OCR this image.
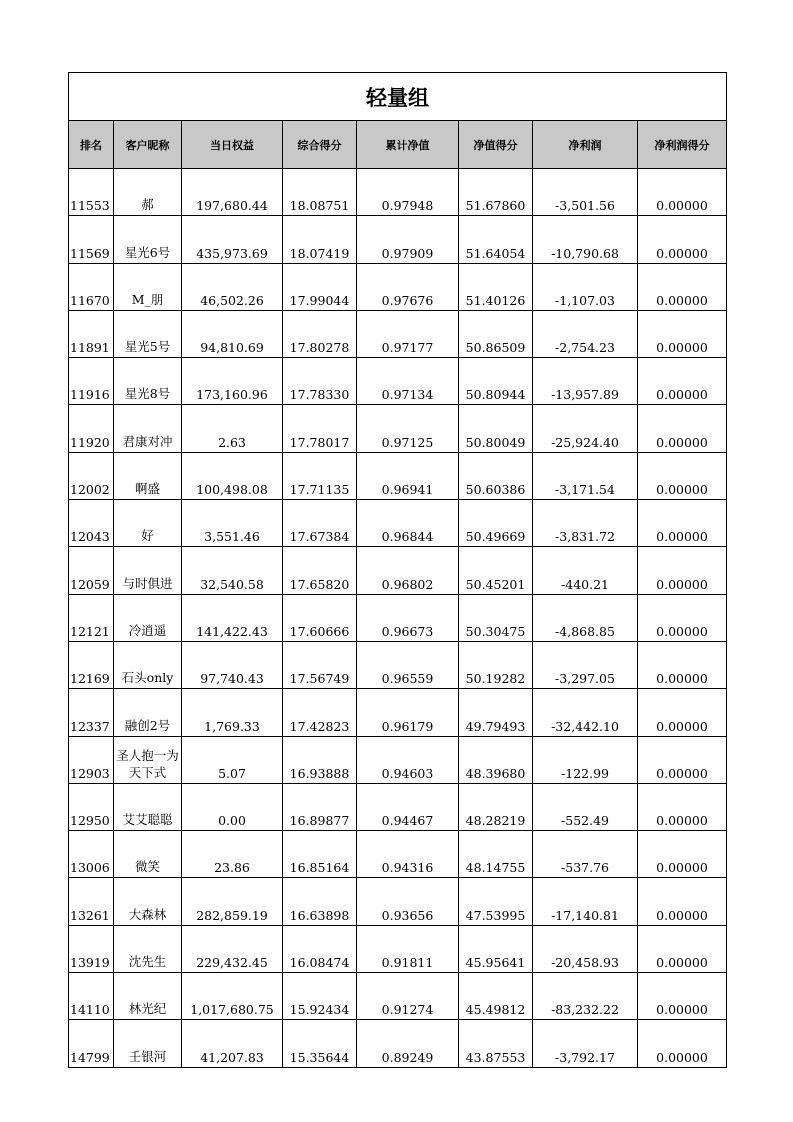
轻量组							
排名	客户昵称	当日权益	综合得分	累计净值	净值得分	净利润	净利润得分
11553	郝	197,680.44	18.08751	0.97948	51.67860	-3,501.56	0.00000
11569	星光6号	435,973.69	18.07419	0.97909	51.64054	-10,790.68	0.00000
11670	M_朋	46,502.26	17.99044	0.97676	51.40126	-1,107.03	0.00000
11891	星光5号	94,810.69	17.80278	0.97177	50.86509	-2,754.23	0.00000
11916	星光8号	173,160.96	17.78330	0.97134	50.80944	-13,957.89	0.00000
11920	君康对冲	2.63	17.78017	0.97125	50.80049	-25,924.40	0.00000
12002	啊盛	100,498.08	17.71135	0.96941	50.60386	-3,171.54	0.00000
12043	好	3,551.46	17.67384	0.96844	50.49669	-3,831.72	0.00000
12059	与时俱进	32,540.58	17.65820	0.96802	50.45201	-440.21	0.00000
12121	冷逍遥	141,422.43	17.60666	0.96673	50.30475	-4,868.85	0.00000
12169	石头only	97,740.43	17.56749	0.96559	50.19282	-3,297.05	0.00000
12337	融创2号	1,769.33	17.42823	0.96179	49.79493	-32,442.10	0.00000
12903	圣人抱一为天下式	5.07	16.93888	0.94603	48.39680	-122.99	0.00000
12950	艾艾聪聪	0.00	16.89877	0.94467	48.28219	-552.49	0.00000
13006	微笑	23.86	16.85164	0.94316	48.14755	-537.76	0.00000
13261	大森林	282,859.19	16.63898	0.93656	47.53995	-17,140.81	0.00000
13919	沈先生	229,432.45	16.08474	0.91811	45.95641	-20,458.93	0.00000
14110	林光纪	1,017,680.75	15.92434	0.91274	45.49812	-83,232.22	0.00000
14799	壬银河	41,207.83	15.35644	0.89249	43.87553	-3,792.17	0.00000
